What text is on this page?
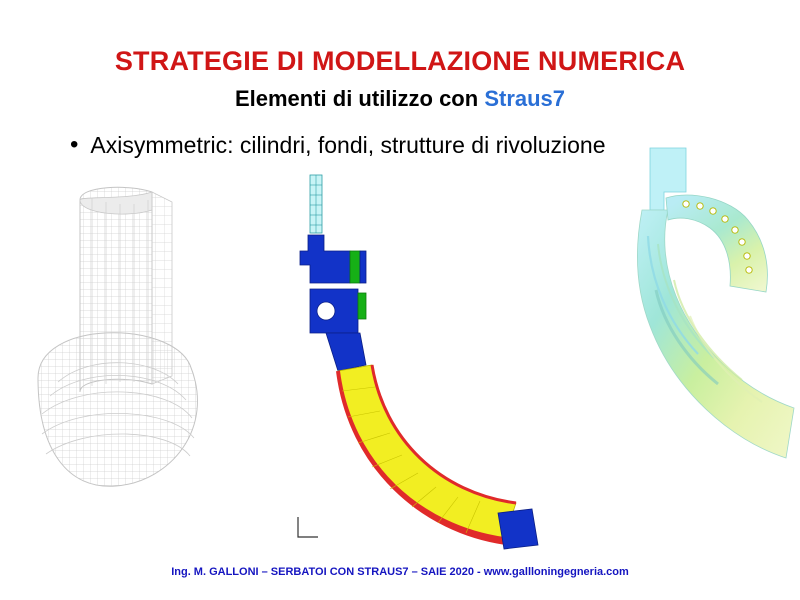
STRATEGIE DI MODELLAZIONE NUMERICA
Elementi di utilizzo con Straus7
• Axisymmetric: cilindri, fondi, strutture di rivoluzione
Ing. M. GALLONI – SERBATOI CON STRAUS7 – SAIE 2020 - www.gallloningegneria.com
